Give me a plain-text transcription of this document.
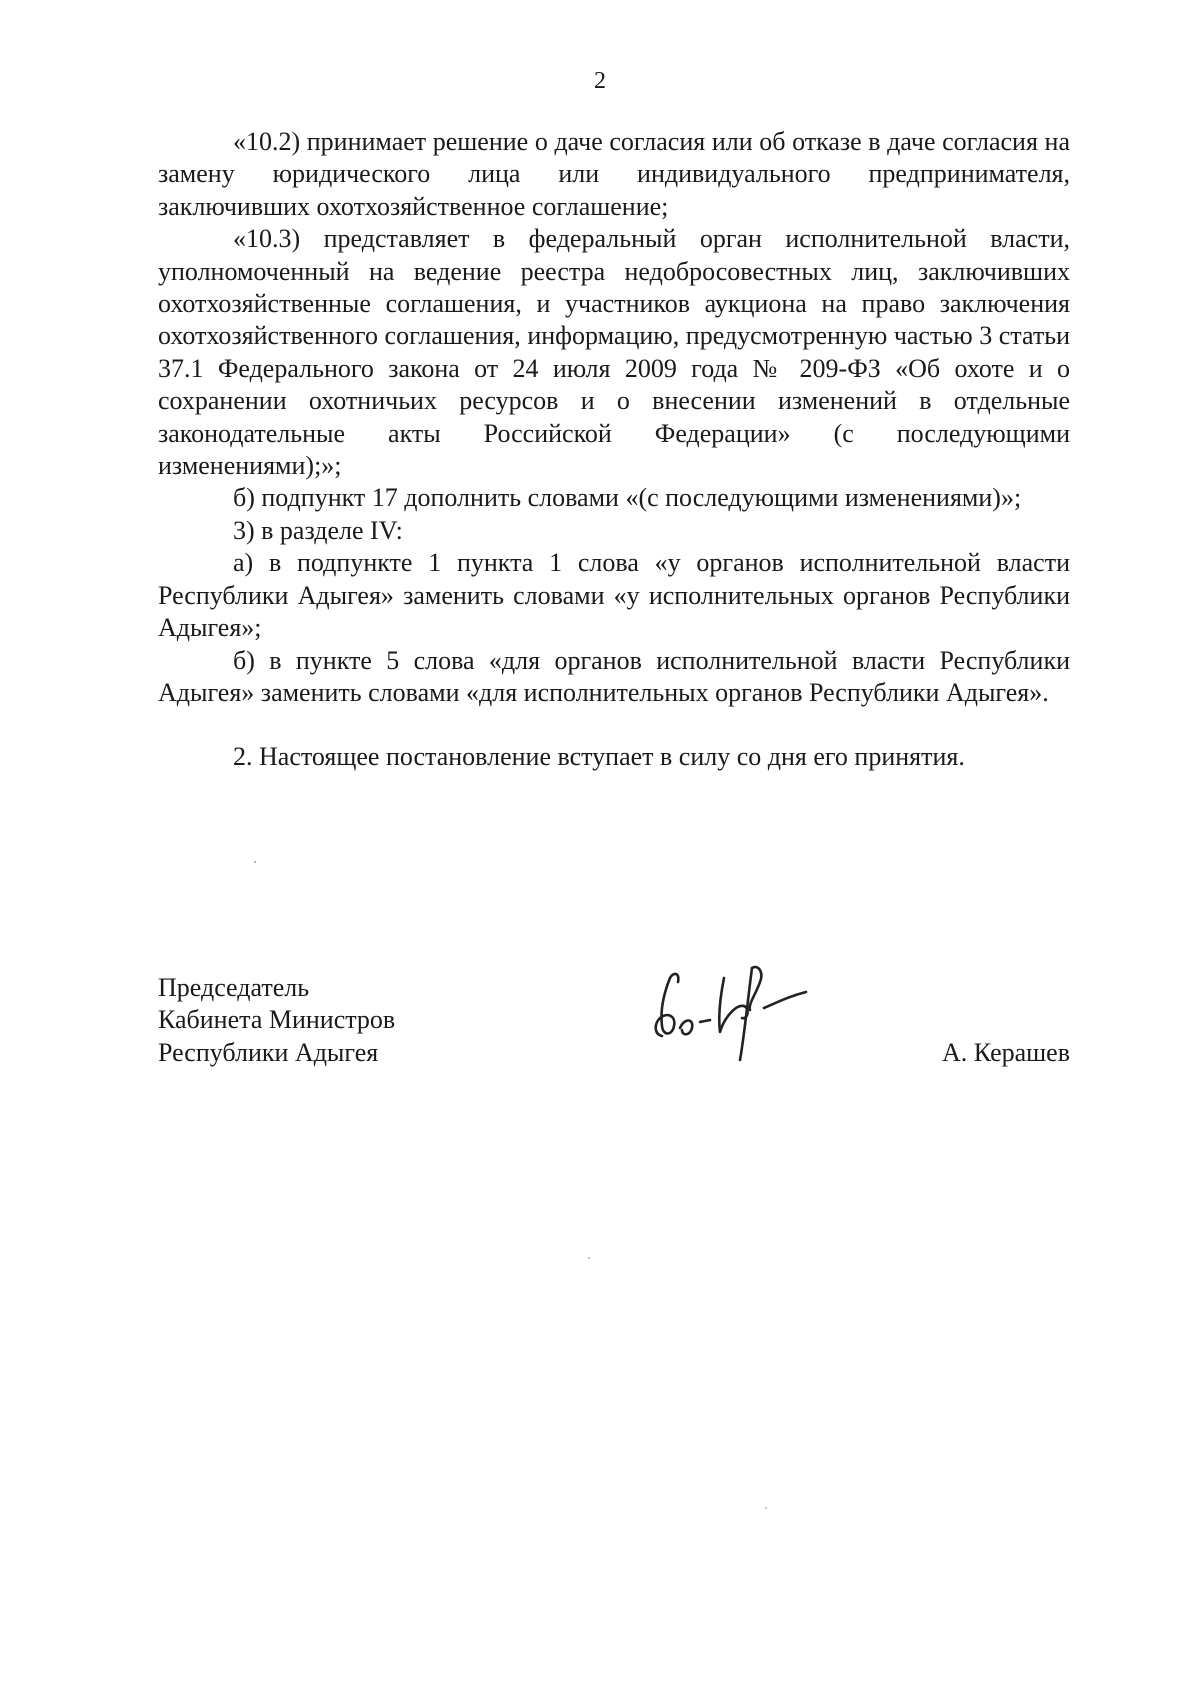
2

«10.2) принимает решение о даче согласия или об отказе в даче согласия на замену юридического лица или индивидуального предпринимателя, заключивших охотхозяйственное соглашение;

«10.3) представляет в федеральный орган исполнительной власти, уполномоченный на ведение реестра недобросовестных лиц, заключивших охотхозяйственные соглашения, и участников аукциона на право заключения охотхозяйственного соглашения, информацию, предусмотренную частью 3 статьи 37.1 Федерального закона от 24 июля 2009 года № 209-ФЗ «Об охоте и о сохранении охотничьих ресурсов и о внесении изменений в отдельные законодательные акты Российской Федерации» (с последующими изменениями);»;

б) подпункт 17 дополнить словами «(с последующими изменениями)»;

3) в разделе IV:

а) в подпункте 1 пункта 1 слова «у органов исполнительной власти Республики Адыгея» заменить словами «у исполнительных органов Республики Адыгея»;

б) в пункте 5 слова «для органов исполнительной власти Республики Адыгея» заменить словами «для исполнительных органов Республики Адыгея».

2. Настоящее постановление вступает в силу со дня его принятия.

Председатель
Кабинета Министров
Республики Адыгея	А. Керашев
